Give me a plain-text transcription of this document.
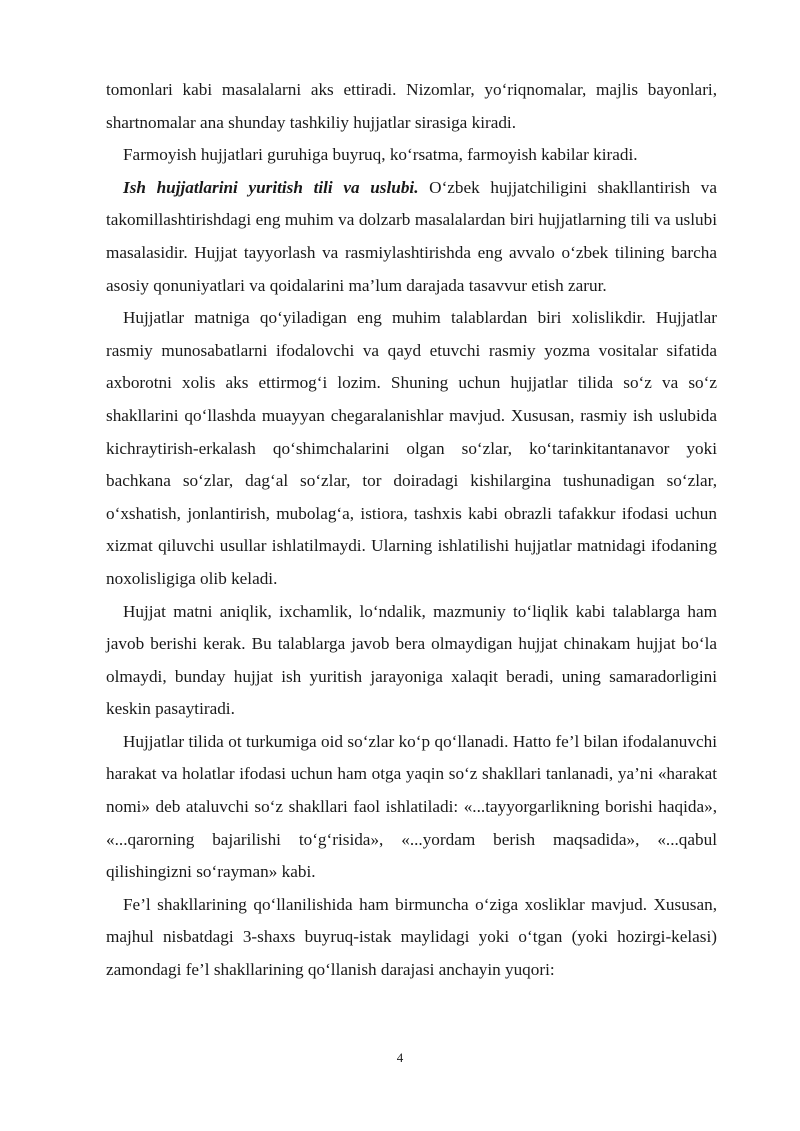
tomonlari kabi masalalarni aks ettiradi. Nizomlar, yo‘riqnomalar, majlis bayonlari, shartnomalar ana shunday tashkiliy hujjatlar sirasiga kiradi.

Farmoyish hujjatlari guruhiga buyruq, ko‘rsatma, farmoyish kabilar kiradi.

Ish hujjatlarini yuritish tili va uslubi. O‘zbek hujjatchiligini shakllantirish va takomillashtirishdagi eng muhim va dolzarb masalalardan biri hujjatlarning tili va uslubi masalasidir. Hujjat tayyorlash va rasmiylashtirishda eng avvalo o‘zbek tilining barcha asosiy qonuniyatlari va qoidalarini ma’lum darajada tasavvur etish zarur.

Hujjatlar matniga qo‘yiladigan eng muhim talablardan biri xolislikdir. Hujjatlar rasmiy munosabatlarni ifodalovchi va qayd etuvchi rasmiy yozma vositalar sifatida axborotni xolis aks ettirmog‘i lozim. Shuning uchun hujjatlar tilida so‘z va so‘z shakllarini qo‘llashda muayyan chegaralanishlar mavjud. Xususan, rasmiy ish uslubida kichraytirish-erkalash qo‘shimchalarini olgan so‘zlar, ko‘tarinkitantanavor yoki bachkana so‘zlar, dag‘al so‘zlar, tor doiradagi kishilargina tushunadigan so‘zlar, o‘xshatish, jonlantirish, mubolag‘a, istiora, tashxis kabi obrazli tafakkur ifodasi uchun xizmat qiluvchi usullar ishlatilmaydi. Ularning ishlatilishi hujjatlar matnidagi ifodaning noxolisligiga olib keladi.

Hujjat matni aniqlik, ixchamlik, lo‘ndalik, mazmuniy to‘liqlik kabi talablarga ham javob berishi kerak. Bu talablarga javob bera olmaydigan hujjat chinakam hujjat bo‘la olmaydi, bunday hujjat ish yuritish jarayoniga xalaqit beradi, uning samaradorligini keskin pasaytiradi.

Hujjatlar tilida ot turkumiga oid so‘zlar ko‘p qo‘llanadi. Hatto fe’l bilan ifodalanuvchi harakat va holatlar ifodasi uchun ham otga yaqin so‘z shakllari tanlanadi, ya’ni «harakat nomi» deb ataluvchi so‘z shakllari faol ishlatiladi: «...tayyorgarlikning borishi haqida», «...qarorning bajarilishi to‘g‘risida», «...yordam berish maqsadida», «...qabul qilishingizni so‘rayman» kabi.

Fe’l shakllarining qo‘llanilishida ham birmuncha o‘ziga xosliklar mavjud. Xususan, majhul nisbatdagi 3-shaxs buyruq-istak maylidagi yoki o‘tgan (yoki hozirgi-kelasi) zamondagi fe’l shakllarining qo‘llanish darajasi anchayin yuqori:

4
